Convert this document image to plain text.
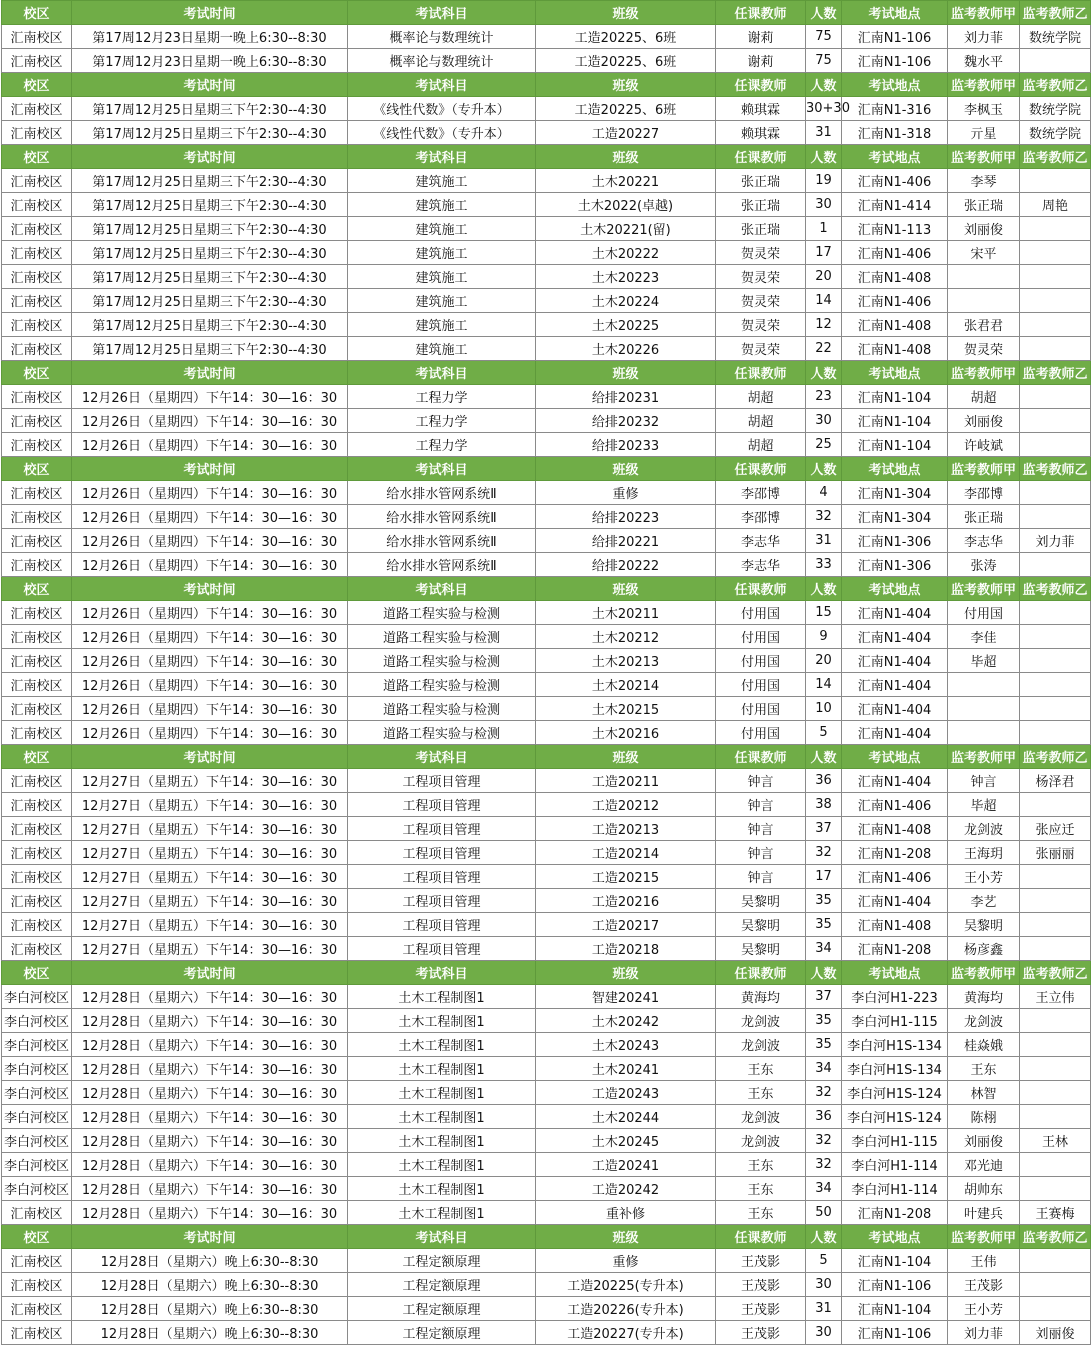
校区	考试时间	考试科目	班级	任课教师	人数	考试地点	监考教师甲	监考教师乙
汇南校区	第17周12月23日星期一晚上6:30--8:30	概率论与数理统计	工造20225、6班	谢莉	75	汇南N1-106	刘力菲	数统学院
汇南校区	第17周12月23日星期一晚上6:30--8:30	概率论与数理统计	工造20225、6班	谢莉	75	汇南N1-106	魏水平	
校区	考试时间	考试科目	班级	任课教师	人数	考试地点	监考教师甲	监考教师乙
汇南校区	第17周12月25日星期三下午2:30--4:30	《线性代数》（专升本）	工造20225、6班	赖琪霖	30+30	汇南N1-316	李枫玉	数统学院
汇南校区	第17周12月25日星期三下午2:30--4:30	《线性代数》（专升本）	工造20227	赖琪霖	31	汇南N1-318	亓星	数统学院
校区	考试时间	考试科目	班级	任课教师	人数	考试地点	监考教师甲	监考教师乙
汇南校区	第17周12月25日星期三下午2:30--4:30	建筑施工	土木20221	张正瑞	19	汇南N1-406	李琴	
汇南校区	第17周12月25日星期三下午2:30--4:30	建筑施工	土木2022(卓越)	张正瑞	30	汇南N1-414	张正瑞	周艳
汇南校区	第17周12月25日星期三下午2:30--4:30	建筑施工	土木20221(留)	张正瑞	1	汇南N1-113	刘丽俊	
汇南校区	第17周12月25日星期三下午2:30--4:30	建筑施工	土木20222	贺灵荣	17	汇南N1-406	宋平	
汇南校区	第17周12月25日星期三下午2:30--4:30	建筑施工	土木20223	贺灵荣	20	汇南N1-408		
汇南校区	第17周12月25日星期三下午2:30--4:30	建筑施工	土木20224	贺灵荣	14	汇南N1-406		
汇南校区	第17周12月25日星期三下午2:30--4:30	建筑施工	土木20225	贺灵荣	12	汇南N1-408	张君君	
汇南校区	第17周12月25日星期三下午2:30--4:30	建筑施工	土木20226	贺灵荣	22	汇南N1-408	贺灵荣	
校区	考试时间	考试科目	班级	任课教师	人数	考试地点	监考教师甲	监考教师乙
汇南校区	12月26日（星期四）下午14：30—16：30	工程力学	给排20231	胡超	23	汇南N1-104	胡超	
汇南校区	12月26日（星期四）下午14：30—16：30	工程力学	给排20232	胡超	30	汇南N1-104	刘丽俊	
汇南校区	12月26日（星期四）下午14：30—16：30	工程力学	给排20233	胡超	25	汇南N1-104	许岐斌	
校区	考试时间	考试科目	班级	任课教师	人数	考试地点	监考教师甲	监考教师乙
汇南校区	12月26日（星期四）下午14：30—16：30	给水排水管网系统Ⅱ	重修	李邵博	4	汇南N1-304	李邵博	
汇南校区	12月26日（星期四）下午14：30—16：30	给水排水管网系统Ⅱ	给排20223	李邵博	32	汇南N1-304	张正瑞	
汇南校区	12月26日（星期四）下午14：30—16：30	给水排水管网系统Ⅱ	给排20221	李志华	31	汇南N1-306	李志华	刘力菲
汇南校区	12月26日（星期四）下午14：30—16：30	给水排水管网系统Ⅱ	给排20222	李志华	33	汇南N1-306	张涛	
校区	考试时间	考试科目	班级	任课教师	人数	考试地点	监考教师甲	监考教师乙
汇南校区	12月26日（星期四）下午14：30—16：30	道路工程实验与检测	土木20211	付用国	15	汇南N1-404	付用国	
汇南校区	12月26日（星期四）下午14：30—16：30	道路工程实验与检测	土木20212	付用国	9	汇南N1-404	李佳	
汇南校区	12月26日（星期四）下午14：30—16：30	道路工程实验与检测	土木20213	付用国	20	汇南N1-404	毕超	
汇南校区	12月26日（星期四）下午14：30—16：30	道路工程实验与检测	土木20214	付用国	14	汇南N1-404		
汇南校区	12月26日（星期四）下午14：30—16：30	道路工程实验与检测	土木20215	付用国	10	汇南N1-404		
汇南校区	12月26日（星期四）下午14：30—16：30	道路工程实验与检测	土木20216	付用国	5	汇南N1-404		
校区	考试时间	考试科目	班级	任课教师	人数	考试地点	监考教师甲	监考教师乙
汇南校区	12月27日（星期五）下午14：30—16：30	工程项目管理	工造20211	钟言	36	汇南N1-404	钟言	杨泽君
汇南校区	12月27日（星期五）下午14：30—16：30	工程项目管理	工造20212	钟言	38	汇南N1-406	毕超	
汇南校区	12月27日（星期五）下午14：30—16：30	工程项目管理	工造20213	钟言	37	汇南N1-408	龙剑波	张应迁
汇南校区	12月27日（星期五）下午14：30—16：30	工程项目管理	工造20214	钟言	32	汇南N1-208	王海玥	张丽丽
汇南校区	12月27日（星期五）下午14：30—16：30	工程项目管理	工造20215	钟言	17	汇南N1-406	王小芳	
汇南校区	12月27日（星期五）下午14：30—16：30	工程项目管理	工造20216	吴黎明	35	汇南N1-404	李艺	
汇南校区	12月27日（星期五）下午14：30—16：30	工程项目管理	工造20217	吴黎明	35	汇南N1-408	吴黎明	
汇南校区	12月27日（星期五）下午14：30—16：30	工程项目管理	工造20218	吴黎明	34	汇南N1-208	杨彦鑫	
校区	考试时间	考试科目	班级	任课教师	人数	考试地点	监考教师甲	监考教师乙
李白河校区	12月28日（星期六）下午14：30—16：30	土木工程制图1	智建20241	黄海均	37	李白河H1-223	黄海均	王立伟
李白河校区	12月28日（星期六）下午14：30—16：30	土木工程制图1	土木20242	龙剑波	35	李白河H1-115	龙剑波	
李白河校区	12月28日（星期六）下午14：30—16：30	土木工程制图1	土木20243	龙剑波	35	李白河H1S-134	桂焱娥	
李白河校区	12月28日（星期六）下午14：30—16：30	土木工程制图1	土木20241	王东	34	李白河H1S-134	王东	
李白河校区	12月28日（星期六）下午14：30—16：30	土木工程制图1	工造20243	王东	32	李白河H1S-124	林智	
李白河校区	12月28日（星期六）下午14：30—16：30	土木工程制图1	土木20244	龙剑波	36	李白河H1S-124	陈栩	
李白河校区	12月28日（星期六）下午14：30—16：30	土木工程制图1	土木20245	龙剑波	32	李白河H1-115	刘丽俊	王林
李白河校区	12月28日（星期六）下午14：30—16：30	土木工程制图1	工造20241	王东	32	李白河H1-114	邓光迪	
李白河校区	12月28日（星期六）下午14：30—16：30	土木工程制图1	工造20242	王东	34	李白河H1-114	胡帅东	
汇南校区	12月28日（星期六）下午14：30—16：30	土木工程制图1	重补修	王东	50	汇南N1-208	叶建兵	王赛梅
校区	考试时间	考试科目	班级	任课教师	人数	考试地点	监考教师甲	监考教师乙
汇南校区	12月28日（星期六）晚上6:30--8:30	工程定额原理	重修	王茂影	5	汇南N1-104	王伟	
汇南校区	12月28日（星期六）晚上6:30--8:30	工程定额原理	工造20225(专升本)	王茂影	30	汇南N1-106	王茂影	
汇南校区	12月28日（星期六）晚上6:30--8:30	工程定额原理	工造20226(专升本)	王茂影	31	汇南N1-104	王小芳	
汇南校区	12月28日（星期六）晚上6:30--8:30	工程定额原理	工造20227(专升本)	王茂影	30	汇南N1-106	刘力菲	刘丽俊
